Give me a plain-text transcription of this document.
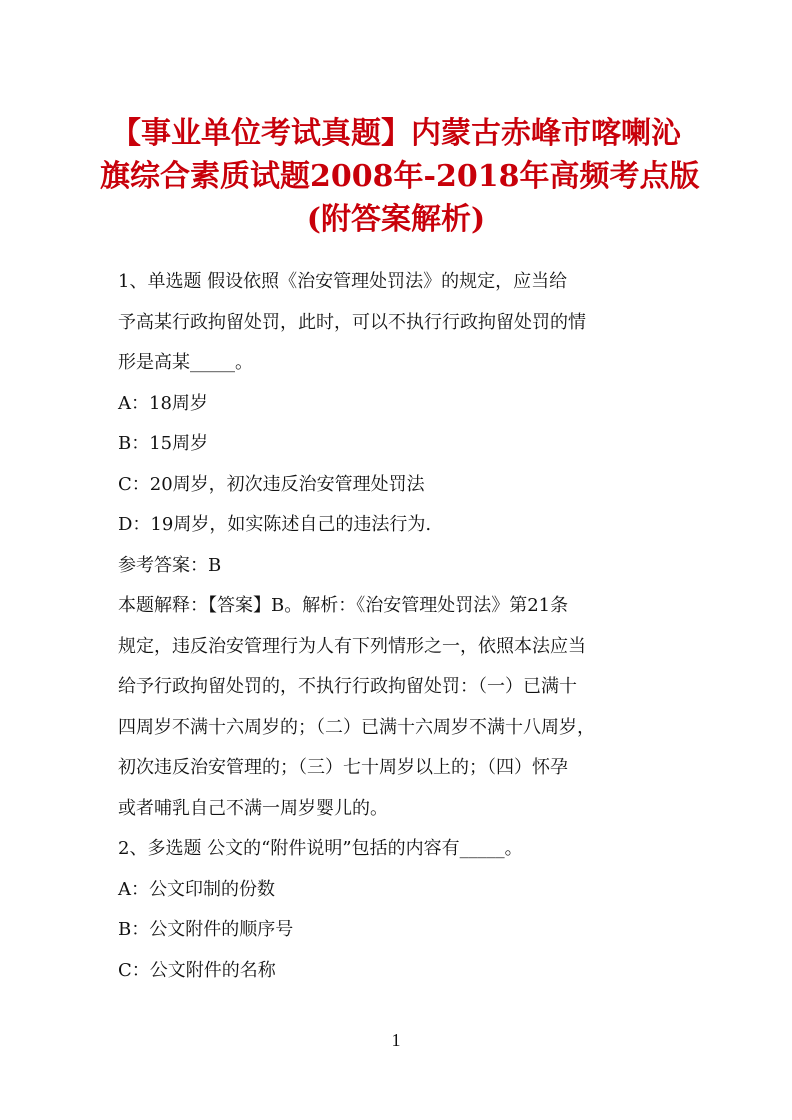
【事业单位考试真题】内蒙古赤峰市喀喇沁
旗综合素质试题2008年-2018年高频考点版
(附答案解析)
1、单选题 假设依照《治安管理处罚法》的规定，应当给
予高某行政拘留处罚，此时，可以不执行行政拘留处罚的情
形是高某_____。
A：18周岁
B：15周岁
C：20周岁，初次违反治安管理处罚法
D：19周岁，如实陈述自己的违法行为.
参考答案：B
本题解释：【答案】B。解析：《治安管理处罚法》第21条
规定，违反治安管理行为人有下列情形之一，依照本法应当
给予行政拘留处罚的，不执行行政拘留处罚：（一）已满十
四周岁不满十六周岁的；（二）已满十六周岁不满十八周岁，
初次违反治安管理的；（三）七十周岁以上的；（四）怀孕
或者哺乳自己不满一周岁婴儿的。
2、多选题 公文的“附件说明”包括的内容有_____。
A：公文印制的份数
B：公文附件的顺序号
C：公文附件的名称
1
